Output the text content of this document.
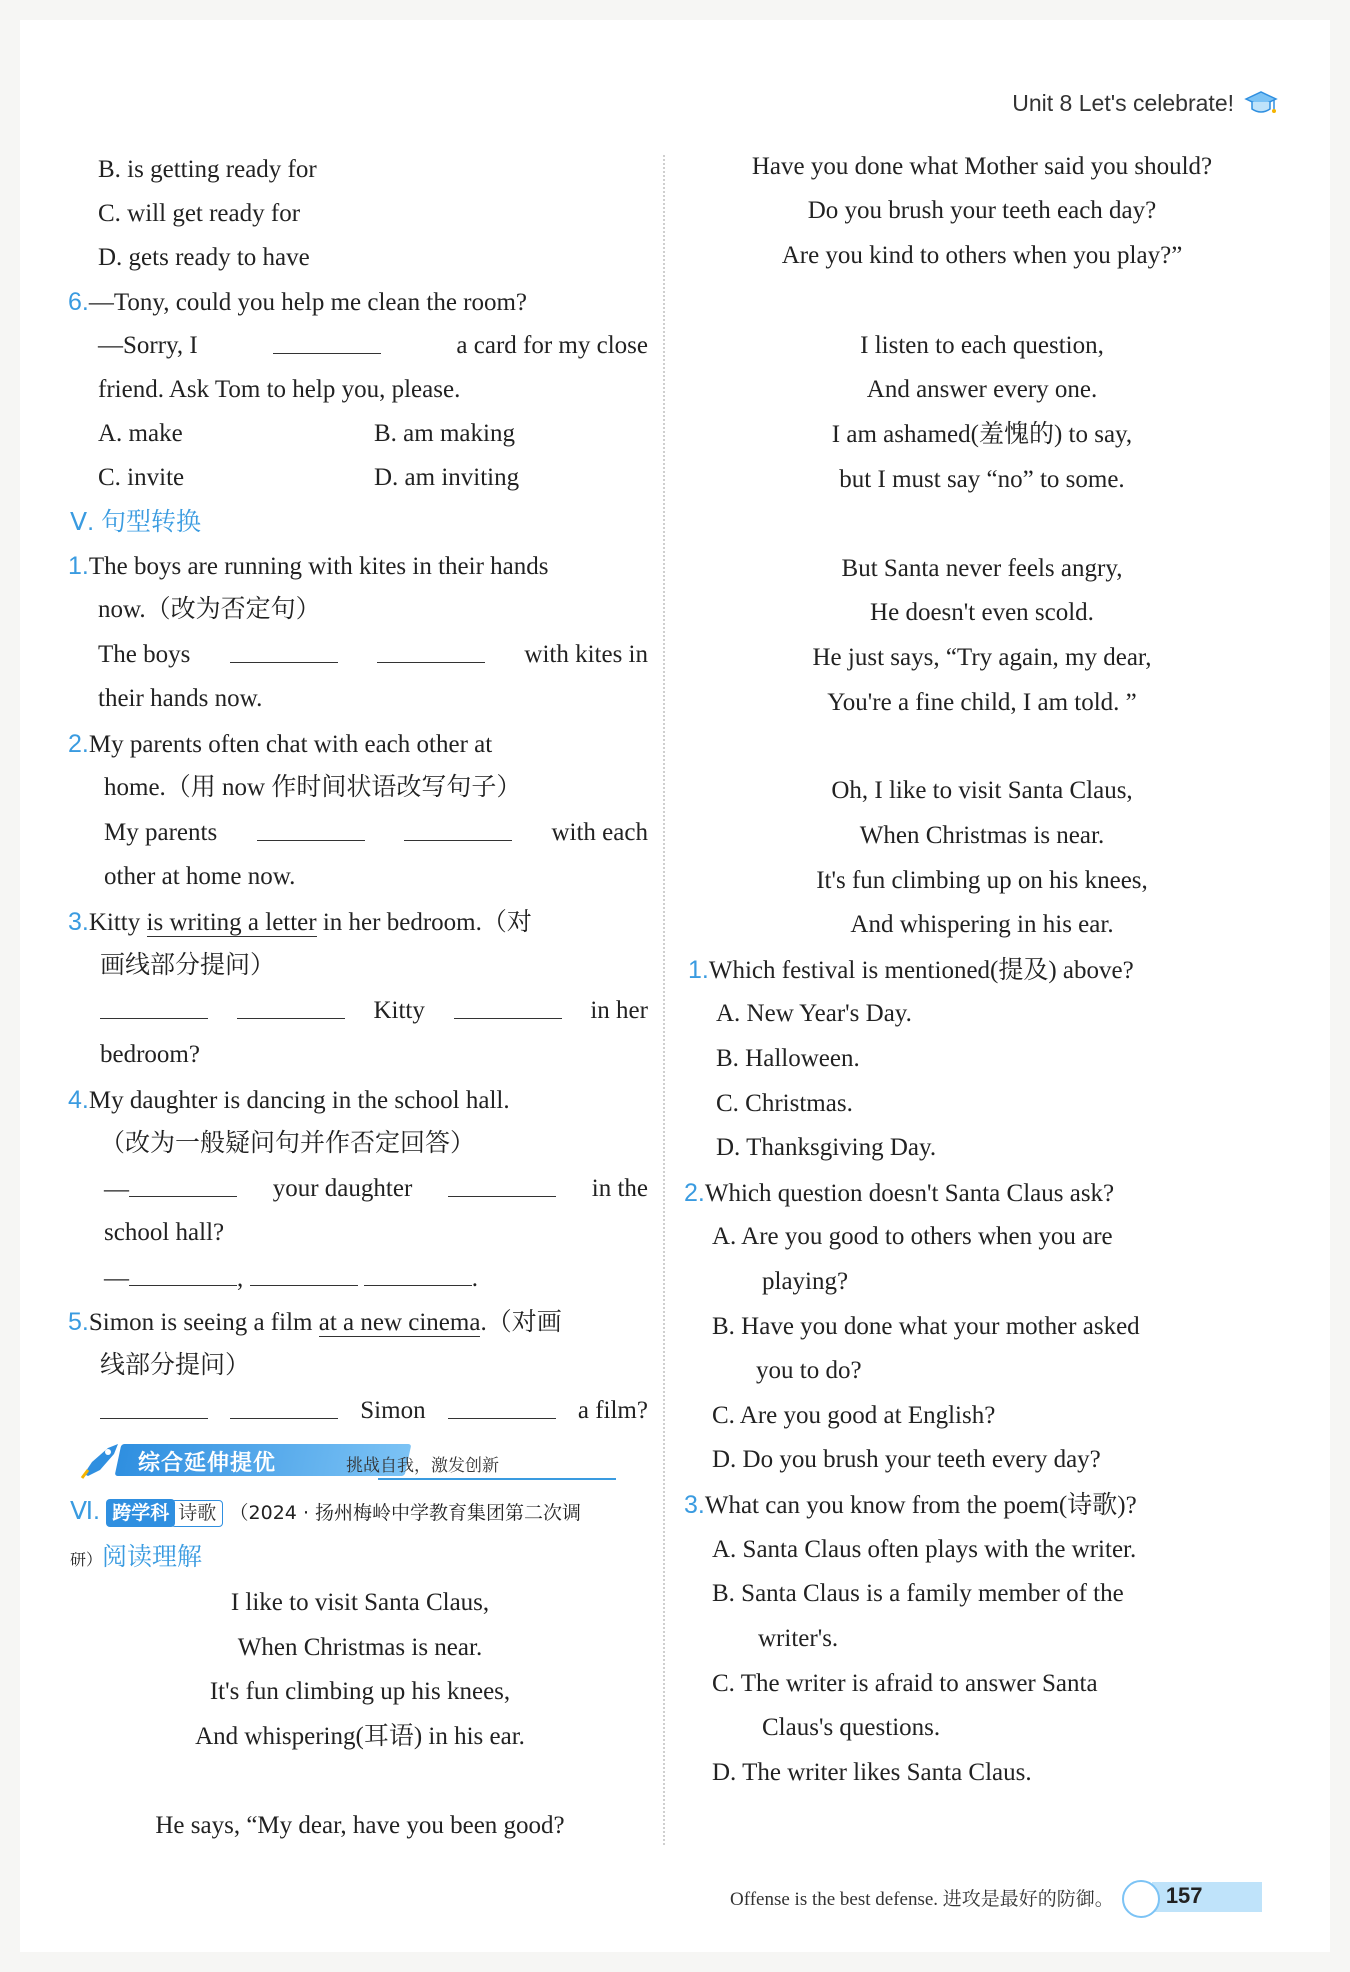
Unit 8 Let's celebrate!
B. is getting ready for
C. will get ready for
D. gets ready to have
6.—Tony, could you help me clean the room?
—Sorry, I	a card for my close
friend. Ask Tom to help you, please.
A. make	B. am making
C. invite	D. am inviting
Ⅴ. 句型转换
1.The boys are running with kites in their hands
now.（改为否定句）
The boys	with kites in
their hands now.
2.My parents often chat with each other at
home.（用 now 作时间状语改写句子）
My parents	with each
other at home now.
3.Kitty is writing a letter in her bedroom.（对
画线部分提问）
Kitty	in her
bedroom?
4.My daughter is dancing in the school hall.
（改为一般疑问句并作否定回答）
—	your daughter	in the
school hall?
—	,	.
5.Simon is seeing a film at a new cinema.（对画
线部分提问）
Simon	a film?
综合延伸提优	挑战自我，激发创新
Ⅵ. 跨学科 诗歌 （2024 · 扬州梅岭中学教育集团第二次调
研）阅读理解
I like to visit Santa Claus,
When Christmas is near.
It's fun climbing up his knees,
And whispering(耳语) in his ear.
He says, “My dear, have you been good?
Have you done what Mother said you should?
Do you brush your teeth each day?
Are you kind to others when you play?”
I listen to each question,
And answer every one.
I am ashamed(羞愧的) to say,
but I must say “no” to some.
But Santa never feels angry,
He doesn't even scold.
He just says, “Try again, my dear,
You're a fine child, I am told. ”
Oh, I like to visit Santa Claus,
When Christmas is near.
It's fun climbing up on his knees,
And whispering in his ear.
1.Which festival is mentioned(提及) above?
A. New Year's Day.
B. Halloween.
C. Christmas.
D. Thanksgiving Day.
2.Which question doesn't Santa Claus ask?
A. Are you good to others when you are
playing?
B. Have you done what your mother asked
you to do?
C. Are you good at English?
D. Do you brush your teeth every day?
3.What can you know from the poem(诗歌)?
A. Santa Claus often plays with the writer.
B. Santa Claus is a family member of the
writer's.
C. The writer is afraid to answer Santa
Claus's questions.
D. The writer likes Santa Claus.
Offense is the best defense. 进攻是最好的防御。 157
